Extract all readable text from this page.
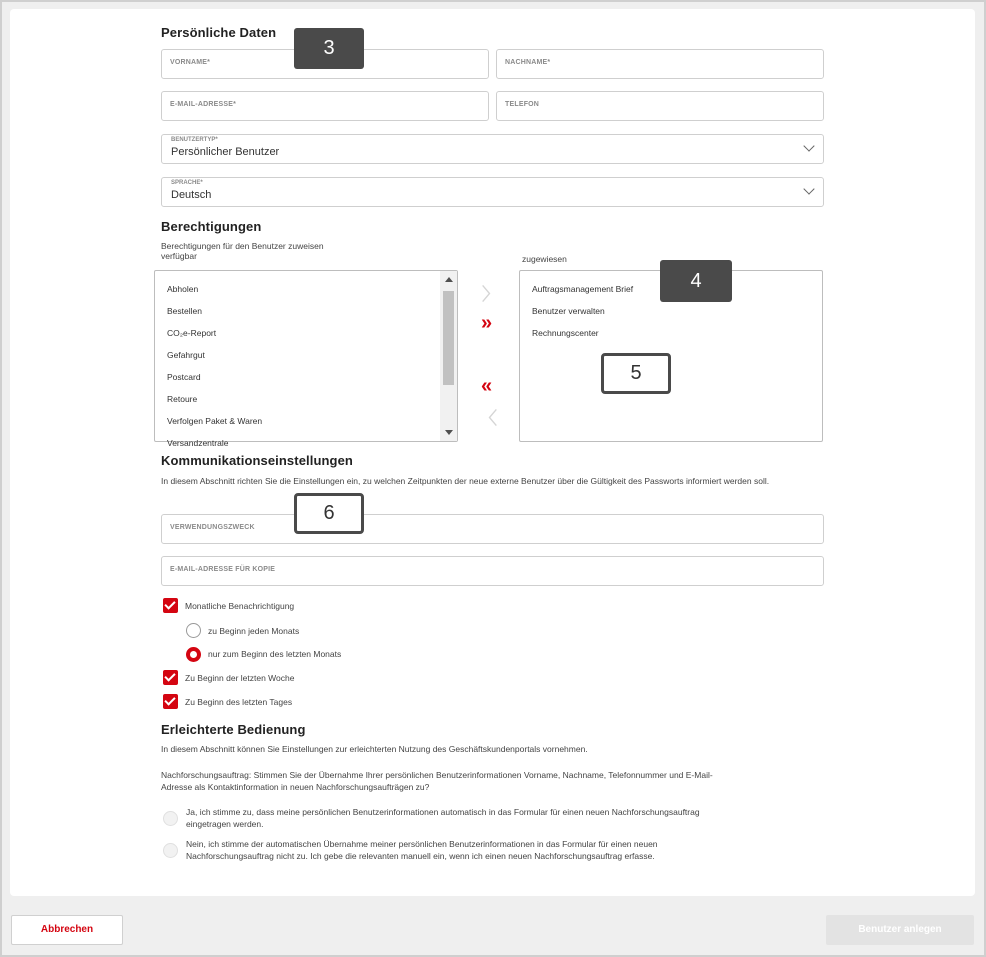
Persönliche Daten
VORNAME*	NACHNAME*
E-MAIL-ADRESSE*	TELEFON
BENUTZERTYP*
Persönlicher Benutzer
SPRACHE*
Deutsch
Berechtigungen
Berechtigungen für den Benutzer zuweisen
verfügbar	zugewiesen
Abholen
Bestellen
CO₂e-Report
Gefahrgut
Postcard
Retoure
Verfolgen Paket & Waren
Versandzentrale
〉
»
«
〈
Auftragsmanagement Brief
Benutzer verwalten
Rechnungscenter
Kommunikationseinstellungen
In diesem Abschnitt richten Sie die Einstellungen ein, zu welchen Zeitpunkten der neue externe Benutzer über die Gültigkeit des Passworts informiert werden soll.
VERWENDUNGSZWECK
E-MAIL-ADRESSE FÜR KOPIE
Monatliche Benachrichtigung
zu Beginn jeden Monats
nur zum Beginn des letzten Monats
Zu Beginn der letzten Woche
Zu Beginn des letzten Tages
Erleichterte Bedienung
In diesem Abschnitt können Sie Einstellungen zur erleichterten Nutzung des Geschäftskundenportals vornehmen.
Nachforschungsauftrag: Stimmen Sie der Übernahme Ihrer persönlichen Benutzerinformationen Vorname, Nachname, Telefonnummer und E-Mail-
Adresse als Kontaktinformation in neuen Nachforschungsaufträgen zu?
Ja, ich stimme zu, dass meine persönlichen Benutzerinformationen automatisch in das Formular für einen neuen Nachforschungsauftrag
eingetragen werden.
Nein, ich stimme der automatischen Übernahme meiner persönlichen Benutzerinformationen in das Formular für einen neuen
Nachforschungsauftrag nicht zu. Ich gebe die relevanten manuell ein, wenn ich einen neuen Nachforschungsauftrag erfasse.
3
4
5
6
Abbrechen	Benutzer anlegen
